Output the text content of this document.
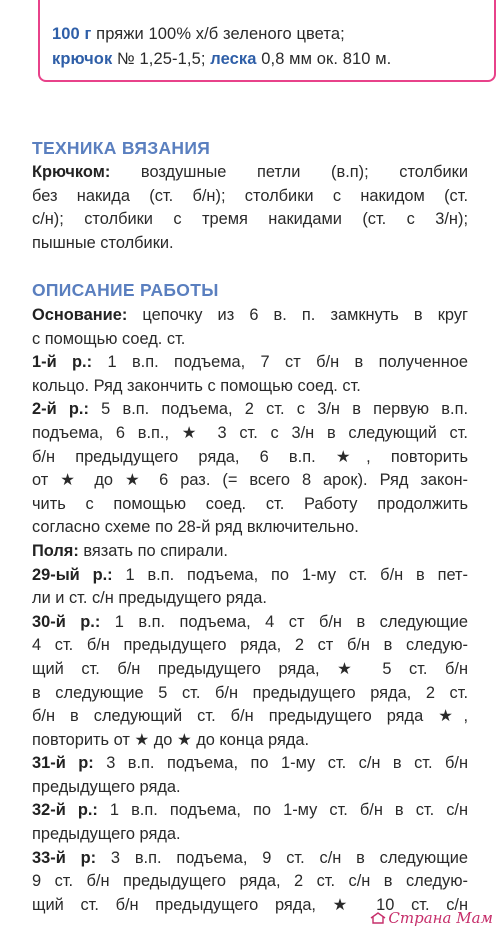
100 г пряжи 100% х/б зеленого цвета;
крючок № 1,25-1,5; леска 0,8 мм ок. 810 м.
ТЕХНИКА ВЯЗАНИЯ
Крючком: воздушные петли (в.п); столбики
без накида (ст. б/н); столбики с накидом (ст.
с/н); столбики с тремя накидами (ст. с 3/н);
пышные столбики.
ОПИСАНИЕ РАБОТЫ
Основание: цепочку из 6 в. п. замкнуть в круг
с помощью соед. ст.
1-й р.: 1 в.п. подъема, 7 ст б/н в полученное
кольцо. Ряд закончить с помощью соед. ст.
2-й р.: 5 в.п. подъема, 2 ст. с 3/н в первую в.п.
подъема, 6 в.п., ★ 3 ст. с 3/н в следующий ст.
б/н предыдущего ряда, 6 в.п. ★, повторить
от ★ до ★ 6 раз. (= всего 8 арок). Ряд закон-
чить с помощью соед. ст. Работу продолжить
согласно схеме по 28-й ряд включительно.
Поля: вязать по спирали.
29-ый р.: 1 в.п. подъема, по 1-му ст. б/н в пет-
ли и ст. с/н предыдущего ряда.
30-й р.: 1 в.п. подъема, 4 ст б/н в следующие
4 ст. б/н предыдущего ряда, 2 ст б/н в следую-
щий ст. б/н предыдущего ряда, ★ 5 ст. б/н
в следующие 5 ст. б/н предыдущего ряда, 2 ст.
б/н в следующий ст. б/н предыдущего ряда ★,
повторить от ★ до ★ до конца ряда.
31-й р: 3 в.п. подъема, по 1-му ст. с/н в ст. б/н
предыдущего ряда.
32-й р.: 1 в.п. подъема, по 1-му ст. б/н в ст. с/н
предыдущего ряда.
33-й р: 3 в.п. подъема, 9 ст. с/н в следующие
9 ст. б/н предыдущего ряда, 2 ст. с/н в следую-
щий ст. б/н предыдущего ряда, ★ 10 ст. с/н
Страна Мам
